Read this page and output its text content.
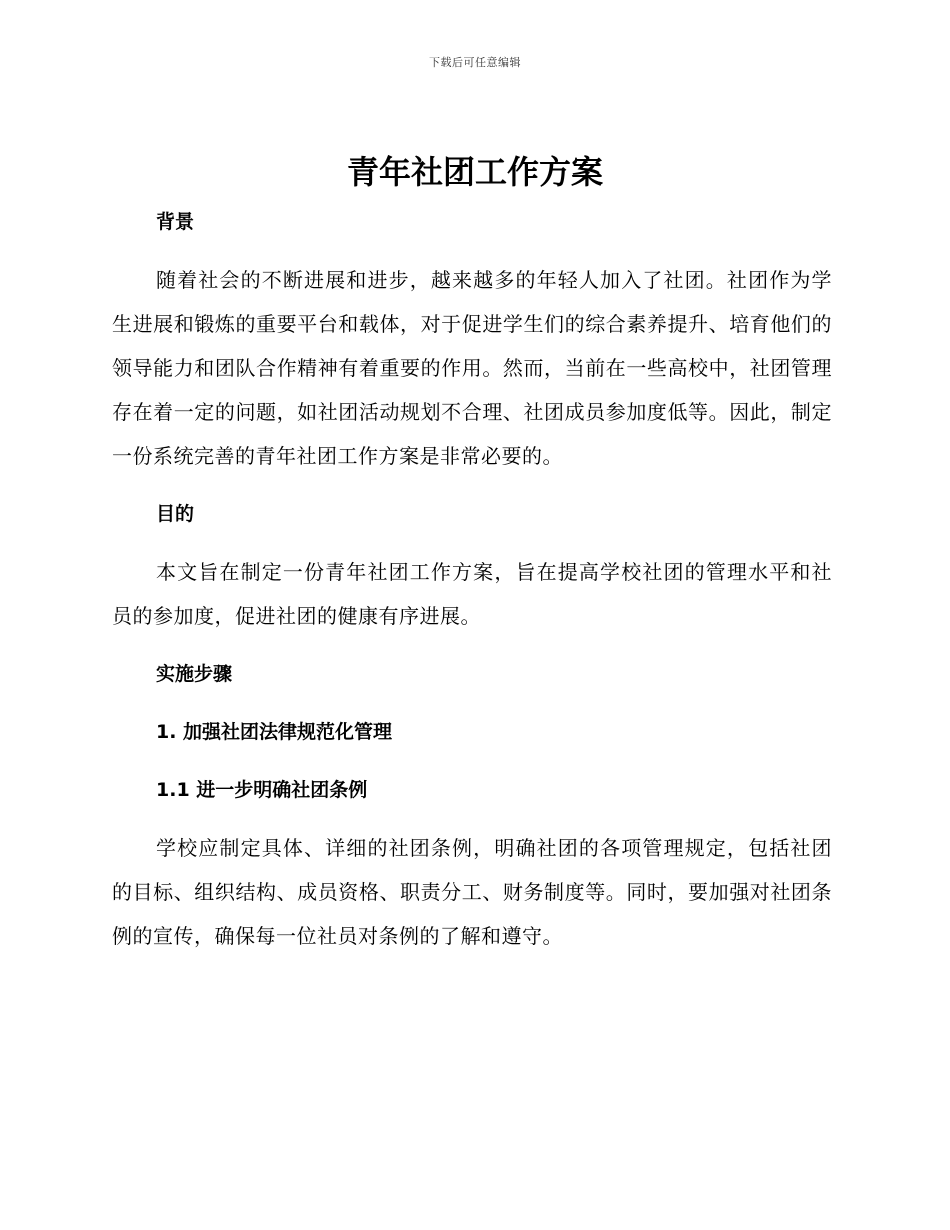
下载后可任意编辑
青年社团工作方案

背景

随着社会的不断进展和进步，越来越多的年轻人加入了社团。社团作为学生进展和锻炼的重要平台和载体，对于促进学生们的综合素养提升、培育他们的领导能力和团队合作精神有着重要的作用。然而，当前在一些高校中，社团管理存在着一定的问题，如社团活动规划不合理、社团成员参加度低等。因此，制定一份系统完善的青年社团工作方案是非常必要的。

目的

本文旨在制定一份青年社团工作方案，旨在提高学校社团的管理水平和社员的参加度，促进社团的健康有序进展。

实施步骤

1. 加强社团法律规范化管理

1.1 进一步明确社团条例

学校应制定具体、详细的社团条例，明确社团的各项管理规定，包括社团的目标、组织结构、成员资格、职责分工、财务制度等。同时，要加强对社团条例的宣传，确保每一位社员对条例的了解和遵守。
